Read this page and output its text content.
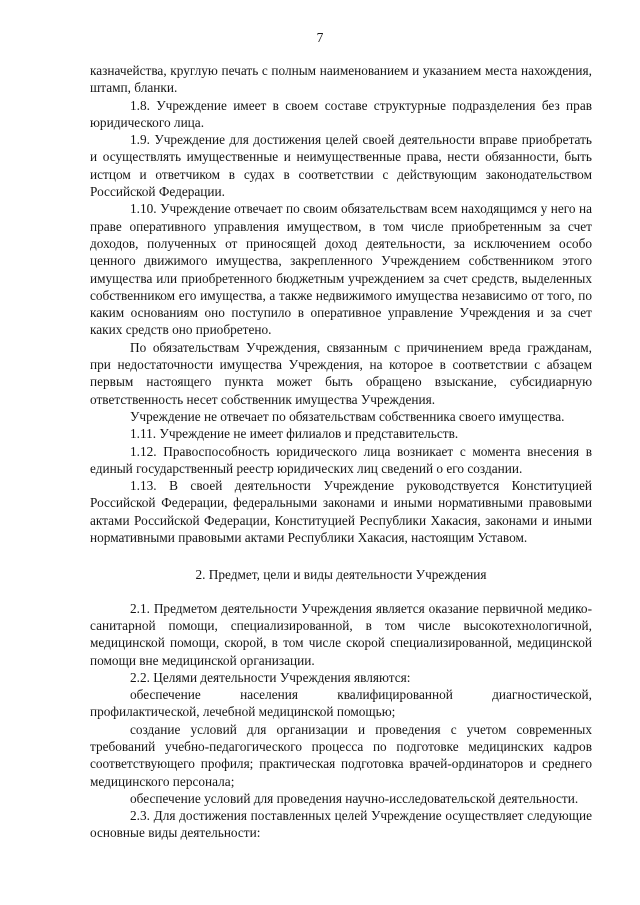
7

казначейства, круглую печать с полным наименованием и указанием места нахождения, штамп, бланки.

1.8. Учреждение имеет в своем составе структурные подразделения без прав юридического лица.

1.9. Учреждение для достижения целей своей деятельности вправе приобретать и осуществлять имущественные и неимущественные права, нести обязанности, быть истцом и ответчиком в судах в соответствии с действующим законодательством Российской Федерации.

1.10. Учреждение отвечает по своим обязательствам всем находящимся у него на праве оперативного управления имуществом, в том числе приобретенным за счет доходов, полученных от приносящей доход деятельности, за исключением особо ценного движимого имущества, закрепленного Учреждением собственником этого имущества или приобретенного бюджетным учреждением за счет средств, выделенных собственником его имущества, а также недвижимого имущества независимо от того, по каким основаниям оно поступило в оперативное управление Учреждения и за счет каких средств оно приобретено.

По обязательствам Учреждения, связанным с причинением вреда гражданам, при недостаточности имущества Учреждения, на которое в соответствии с абзацем первым настоящего пункта может быть обращено взыскание, субсидиарную ответственность несет собственник имущества Учреждения.

Учреждение не отвечает по обязательствам собственника своего имущества.

1.11. Учреждение не имеет филиалов и представительств.

1.12. Правоспособность юридического лица возникает с момента внесения в единый государственный реестр юридических лиц сведений о его создании.

1.13. В своей деятельности Учреждение руководствуется Конституцией Российской Федерации, федеральными законами и иными нормативными правовыми актами Российской Федерации, Конституцией Республики Хакасия, законами и иными нормативными правовыми актами Республики Хакасия, настоящим Уставом.

2. Предмет, цели и виды деятельности Учреждения

2.1. Предметом деятельности Учреждения является оказание первичной медико-санитарной помощи, специализированной, в том числе высокотехнологичной, медицинской помощи, скорой, в том числе скорой специализированной, медицинской помощи вне медицинской организации.

2.2. Целями деятельности Учреждения являются:

обеспечение населения квалифицированной диагностической, профилактической, лечебной медицинской помощью;

создание условий для организации и проведения с учетом современных требований учебно-педагогического процесса по подготовке медицинских кадров соответствующего профиля; практическая подготовка врачей-ординаторов и среднего медицинского персонала;

обеспечение условий для проведения научно-исследовательской деятельности.

2.3. Для достижения поставленных целей Учреждение осуществляет следующие основные виды деятельности:
